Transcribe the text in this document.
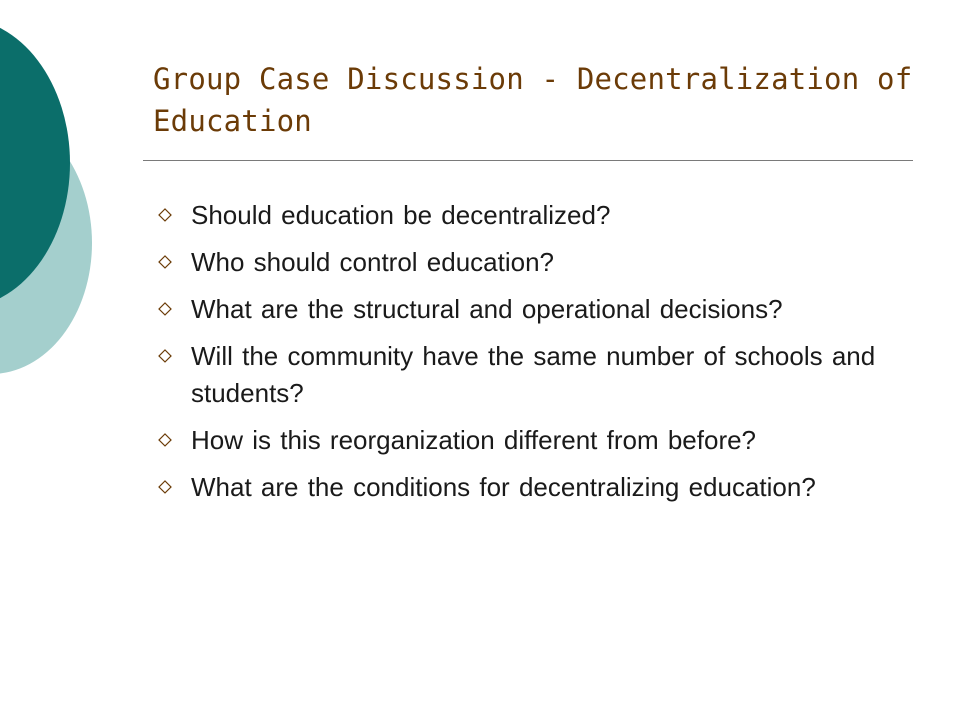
Group Case Discussion - Decentralization of Education
Should education be decentralized?
Who should control education?
What are the structural and operational decisions?
Will the community have the same number of schools and students?
How is this reorganization different from before?
What are the conditions for decentralizing education?
